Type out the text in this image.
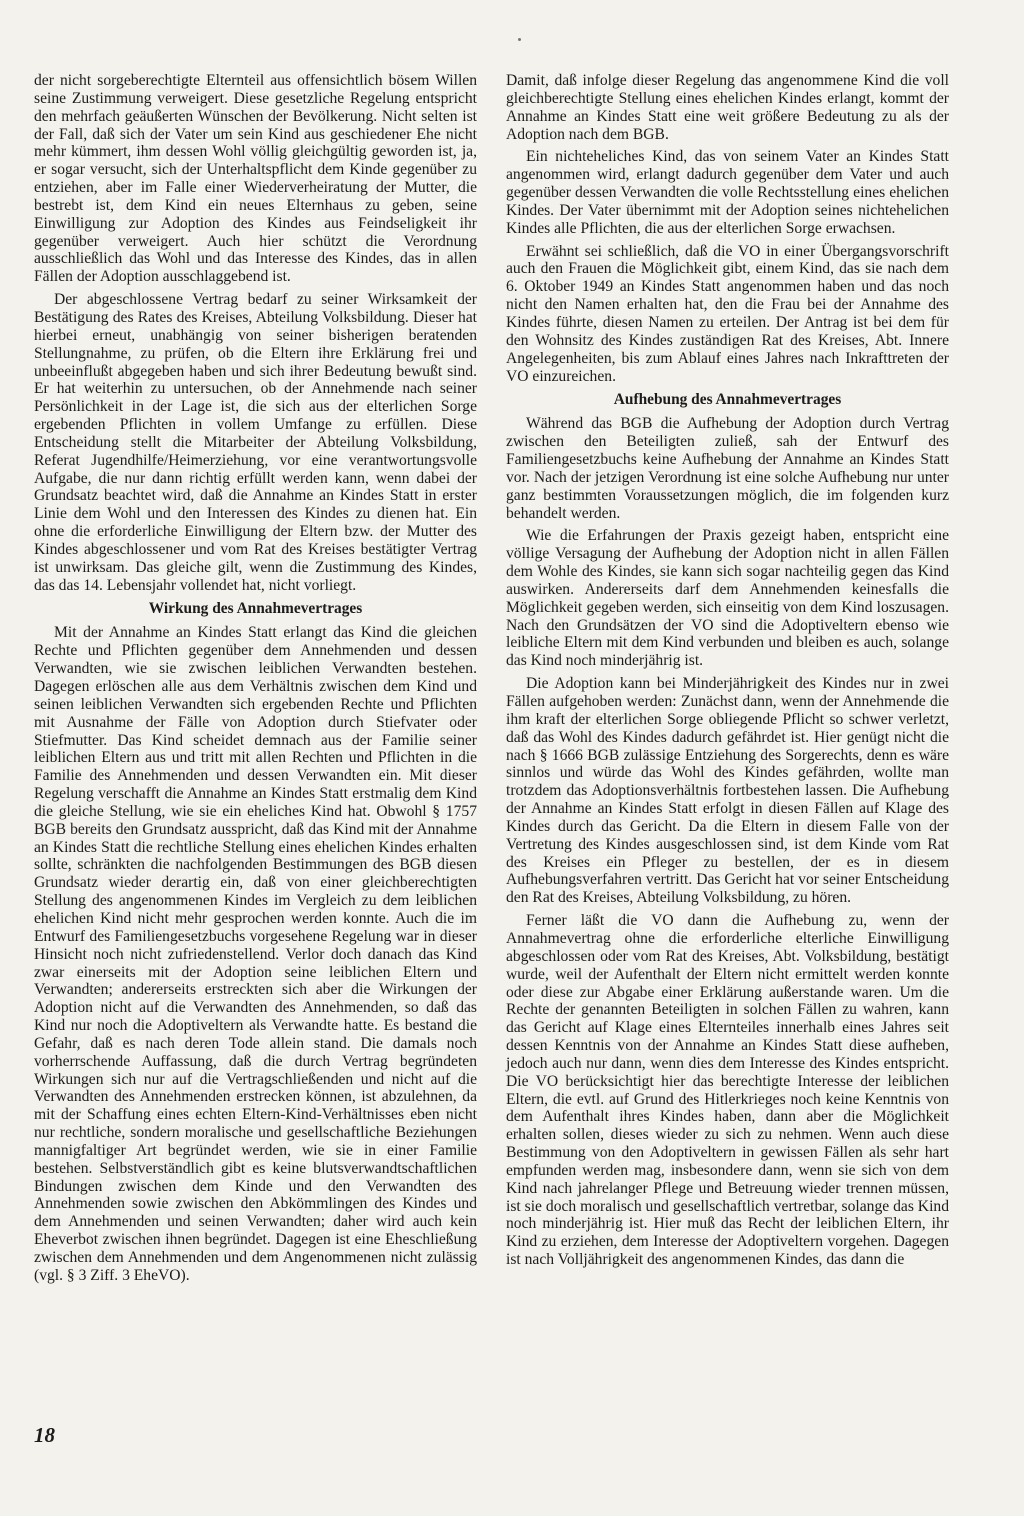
der nicht sorgeberechtigte Elternteil aus offensichtlich bösem Willen seine Zustimmung verweigert. Diese gesetzliche Regelung entspricht den mehrfach geäußerten Wünschen der Bevölkerung. Nicht selten ist der Fall, daß sich der Vater um sein Kind aus geschiedener Ehe nicht mehr kümmert, ihm dessen Wohl völlig gleichgültig geworden ist, ja, er sogar versucht, sich der Unterhaltspflicht dem Kinde gegenüber zu entziehen, aber im Falle einer Wiederverheiratung der Mutter, die bestrebt ist, dem Kind ein neues Elternhaus zu geben, seine Einwilligung zur Adoption des Kindes aus Feindseligkeit ihr gegenüber verweigert. Auch hier schützt die Verordnung ausschließlich das Wohl und das Interesse des Kindes, das in allen Fällen der Adoption ausschlaggebend ist.

Der abgeschlossene Vertrag bedarf zu seiner Wirksamkeit der Bestätigung des Rates des Kreises, Abteilung Volksbildung. Dieser hat hierbei erneut, unabhängig von seiner bisherigen beratenden Stellungnahme, zu prüfen, ob die Eltern ihre Erklärung frei und unbeeinflußt abgegeben haben und sich ihrer Bedeutung bewußt sind. Er hat weiterhin zu untersuchen, ob der Annehmende nach seiner Persönlichkeit in der Lage ist, die sich aus der elterlichen Sorge ergebenden Pflichten in vollem Umfange zu erfüllen. Diese Entscheidung stellt die Mitarbeiter der Abteilung Volksbildung, Referat Jugendhilfe/Heimerziehung, vor eine verantwortungsvolle Aufgabe, die nur dann richtig erfüllt werden kann, wenn dabei der Grundsatz beachtet wird, daß die Annahme an Kindes Statt in erster Linie dem Wohl und den Interessen des Kindes zu dienen hat. Ein ohne die erforderliche Einwilligung der Eltern bzw. der Mutter des Kindes abgeschlossener und vom Rat des Kreises bestätigter Vertrag ist unwirksam. Das gleiche gilt, wenn die Zustimmung des Kindes, das das 14. Lebensjahr vollendet hat, nicht vorliegt.

Wirkung des Annahmevertrages

Mit der Annahme an Kindes Statt erlangt das Kind die gleichen Rechte und Pflichten gegenüber dem Annehmenden und dessen Verwandten, wie sie zwischen leiblichen Verwandten bestehen. Dagegen erlöschen alle aus dem Verhältnis zwischen dem Kind und seinen leiblichen Verwandten sich ergebenden Rechte und Pflichten mit Ausnahme der Fälle von Adoption durch Stiefvater oder Stiefmutter. Das Kind scheidet demnach aus der Familie seiner leiblichen Eltern aus und tritt mit allen Rechten und Pflichten in die Familie des Annehmenden und dessen Verwandten ein. Mit dieser Regelung verschafft die Annahme an Kindes Statt erstmalig dem Kind die gleiche Stellung, wie sie ein eheliches Kind hat. Obwohl § 1757 BGB bereits den Grundsatz ausspricht, daß das Kind mit der Annahme an Kindes Statt die rechtliche Stellung eines ehelichen Kindes erhalten sollte, schränkten die nachfolgenden Bestimmungen des BGB diesen Grundsatz wieder derartig ein, daß von einer gleichberechtigten Stellung des angenommenen Kindes im Vergleich zu dem leiblichen ehelichen Kind nicht mehr gesprochen werden konnte. Auch die im Entwurf des Familiengesetzbuchs vorgesehene Regelung war in dieser Hinsicht noch nicht zufriedenstellend. Verlor doch danach das Kind zwar einerseits mit der Adoption seine leiblichen Eltern und Verwandten; andererseits erstreckten sich aber die Wirkungen der Adoption nicht auf die Verwandten des Annehmenden, so daß das Kind nur noch die Adoptiveltern als Verwandte hatte. Es bestand die Gefahr, daß es nach deren Tode allein stand. Die damals noch vorherrschende Auffassung, daß die durch Vertrag begründeten Wirkungen sich nur auf die Vertragschließenden und nicht auf die Verwandten des Annehmenden erstrecken können, ist abzulehnen, da mit der Schaffung eines echten Eltern-Kind-Verhältnisses eben nicht nur rechtliche, sondern moralische und gesellschaftliche Beziehungen mannigfaltiger Art begründet werden, wie sie in einer Familie bestehen. Selbstverständlich gibt es keine blutsverwandtschaftlichen Bindungen zwischen dem Kinde und den Verwandten des Annehmenden sowie zwischen den Abkömmlingen des Kindes und dem Annehmenden und seinen Verwandten; daher wird auch kein Eheverbot zwischen ihnen begründet. Dagegen ist eine Eheschließung zwischen dem Annehmenden und dem Angenommenen nicht zulässig (vgl. § 3 Ziff. 3 EheVO).

Damit, daß infolge dieser Regelung das angenommene Kind die voll gleichberechtigte Stellung eines ehelichen Kindes erlangt, kommt der Annahme an Kindes Statt eine weit größere Bedeutung zu als der Adoption nach dem BGB.

Ein nichteheliches Kind, das von seinem Vater an Kindes Statt angenommen wird, erlangt dadurch gegenüber dem Vater und auch gegenüber dessen Verwandten die volle Rechtsstellung eines ehelichen Kindes. Der Vater übernimmt mit der Adoption seines nichtehelichen Kindes alle Pflichten, die aus der elterlichen Sorge erwachsen.

Erwähnt sei schließlich, daß die VO in einer Übergangsvorschrift auch den Frauen die Möglichkeit gibt, einem Kind, das sie nach dem 6. Oktober 1949 an Kindes Statt angenommen haben und das noch nicht den Namen erhalten hat, den die Frau bei der Annahme des Kindes führte, diesen Namen zu erteilen. Der Antrag ist bei dem für den Wohnsitz des Kindes zuständigen Rat des Kreises, Abt. Innere Angelegenheiten, bis zum Ablauf eines Jahres nach Inkrafttreten der VO einzureichen.

Aufhebung des Annahmevertrages

Während das BGB die Aufhebung der Adoption durch Vertrag zwischen den Beteiligten zuließ, sah der Entwurf des Familiengesetzbuchs keine Aufhebung der Annahme an Kindes Statt vor. Nach der jetzigen Verordnung ist eine solche Aufhebung nur unter ganz bestimmten Voraussetzungen möglich, die im folgenden kurz behandelt werden.

Wie die Erfahrungen der Praxis gezeigt haben, entspricht eine völlige Versagung der Aufhebung der Adoption nicht in allen Fällen dem Wohle des Kindes, sie kann sich sogar nachteilig gegen das Kind auswirken. Andererseits darf dem Annehmenden keinesfalls die Möglichkeit gegeben werden, sich einseitig von dem Kind loszusagen. Nach den Grundsätzen der VO sind die Adoptiveltern ebenso wie leibliche Eltern mit dem Kind verbunden und bleiben es auch, solange das Kind noch minderjährig ist.

Die Adoption kann bei Minderjährigkeit des Kindes nur in zwei Fällen aufgehoben werden: Zunächst dann, wenn der Annehmende die ihm kraft der elterlichen Sorge obliegende Pflicht so schwer verletzt, daß das Wohl des Kindes dadurch gefährdet ist. Hier genügt nicht die nach § 1666 BGB zulässige Entziehung des Sorgerechts, denn es wäre sinnlos und würde das Wohl des Kindes gefährden, wollte man trotzdem das Adoptionsverhältnis fortbestehen lassen. Die Aufhebung der Annahme an Kindes Statt erfolgt in diesen Fällen auf Klage des Kindes durch das Gericht. Da die Eltern in diesem Falle von der Vertretung des Kindes ausgeschlossen sind, ist dem Kinde vom Rat des Kreises ein Pfleger zu bestellen, der es in diesem Aufhebungsverfahren vertritt. Das Gericht hat vor seiner Entscheidung den Rat des Kreises, Abteilung Volksbildung, zu hören.

Ferner läßt die VO dann die Aufhebung zu, wenn der Annahmevertrag ohne die erforderliche elterliche Einwilligung abgeschlossen oder vom Rat des Kreises, Abt. Volksbildung, bestätigt wurde, weil der Aufenthalt der Eltern nicht ermittelt werden konnte oder diese zur Abgabe einer Erklärung außerstande waren. Um die Rechte der genannten Beteiligten in solchen Fällen zu wahren, kann das Gericht auf Klage eines Elternteiles innerhalb eines Jahres seit dessen Kenntnis von der Annahme an Kindes Statt diese aufheben, jedoch auch nur dann, wenn dies dem Interesse des Kindes entspricht. Die VO berücksichtigt hier das berechtigte Interesse der leiblichen Eltern, die evtl. auf Grund des Hitlerkrieges noch keine Kenntnis von dem Aufenthalt ihres Kindes haben, dann aber die Möglichkeit erhalten sollen, dieses wieder zu sich zu nehmen. Wenn auch diese Bestimmung von den Adoptiveltern in gewissen Fällen als sehr hart empfunden werden mag, insbesondere dann, wenn sie sich von dem Kind nach jahrelanger Pflege und Betreuung wieder trennen müssen, ist sie doch moralisch und gesellschaftlich vertretbar, solange das Kind noch minderjährig ist. Hier muß das Recht der leiblichen Eltern, ihr Kind zu erziehen, dem Interesse der Adoptiveltern vorgehen. Dagegen ist nach Volljährigkeit des angenommenen Kindes, das dann die

18
